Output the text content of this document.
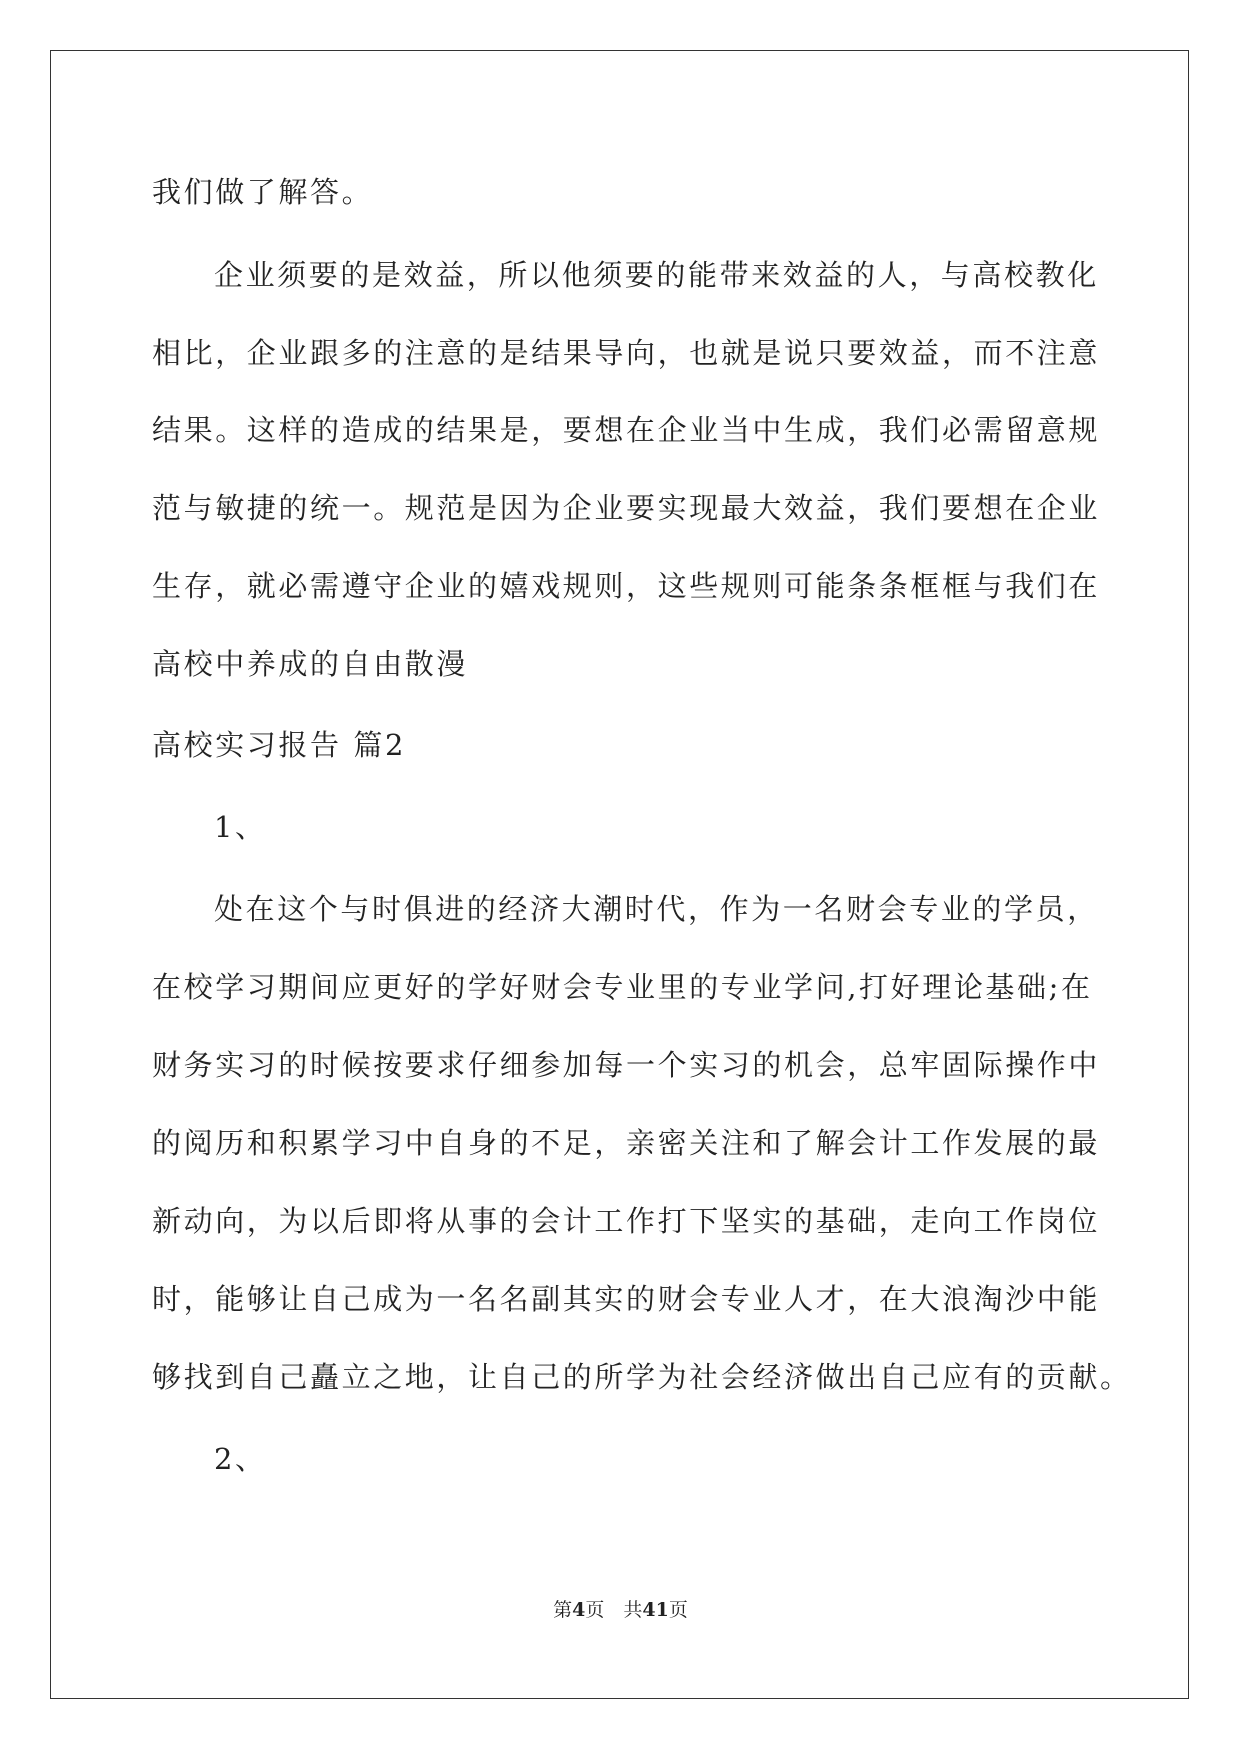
我们做了解答。
企业须要的是效益，所以他须要的能带来效益的人，与高校教化
相比，企业跟多的注意的是结果导向，也就是说只要效益，而不注意
结果。这样的造成的结果是，要想在企业当中生成，我们必需留意规
范与敏捷的统一。规范是因为企业要实现最大效益，我们要想在企业
生存，就必需遵守企业的嬉戏规则，这些规则可能条条框框与我们在
高校中养成的自由散漫
高校实习报告 篇2
1、
处在这个与时俱进的经济大潮时代，作为一名财会专业的学员，
在校学习期间应更好的学好财会专业里的专业学问,打好理论基础;在
财务实习的时候按要求仔细参加每一个实习的机会，总牢固际操作中
的阅历和积累学习中自身的不足，亲密关注和了解会计工作发展的最
新动向，为以后即将从事的会计工作打下坚实的基础，走向工作岗位
时，能够让自己成为一名名副其实的财会专业人才，在大浪淘沙中能
够找到自己矗立之地，让自己的所学为社会经济做出自己应有的贡献。
2、
第4页　共41页
